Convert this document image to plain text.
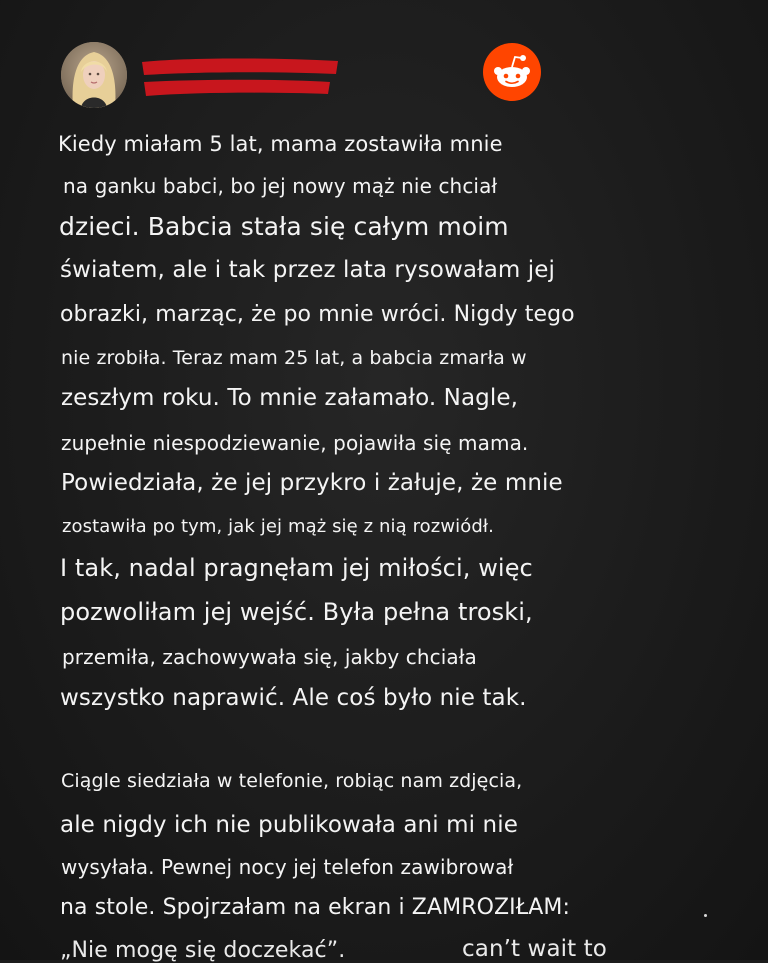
Kiedy miałam 5 lat, mama zostawiła mnie
na ganku babci, bo jej nowy mąż nie chciał
dzieci. Babcia stała się całym moim
światem, ale i tak przez lata rysowałam jej
obrazki, marząc, że po mnie wróci. Nigdy tego
nie zrobiła. Teraz mam 25 lat, a babcia zmarła w
zeszłym roku. To mnie załamało. Nagle,
zupełnie niespodziewanie, pojawiła się mama.
Powiedziała, że jej przykro i żałuje, że mnie
zostawiła po tym, jak jej mąż się z nią rozwiódł.
I tak, nadal pragnęłam jej miłości, więc
pozwoliłam jej wejść. Była pełna troski,
przemiła, zachowywała się, jakby chciała
wszystko naprawić. Ale coś było nie tak.
Ciągle siedziała w telefonie, robiąc nam zdjęcia,
ale nigdy ich nie publikowała ani mi nie
wysyłała. Pewnej nocy jej telefon zawibrował
na stole. Spojrzałam na ekran i ZAMROZIŁAM:
„Nie mogę się doczekać”.	can’t wait to
